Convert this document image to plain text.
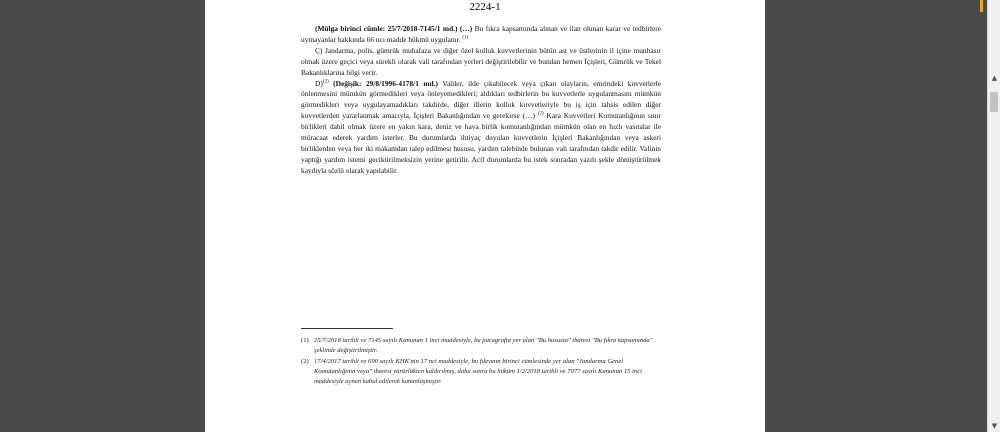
2224-1

(Mülga birinci cümle: 25/7/2018-7145/1 md.) (…) Bu fıkra kapsamında alınan ve ilan olunan karar ve tedbirlere uymayanlar hakkında 66 ncı madde hükmü uygulanır. $^{(1)}$

Ç) Jandarma, polis, gümrük muhafaza ve diğer özel kolluk kuvvetlerinin bütün ast ve üstlerinin il içine munhasır olmak üzere geçici veya sürekli olarak vali tarafından yerleri değiştirilebilir ve bundan hemen İçişleri, Gümrük ve Tekel Bakanlıklarına bilgi verir.

D)$^{(2)}$ (Değişik: 29/8/1996-4178/1 md.) Valiler, ilde çıkabilecek veya çıkan olayların, emrindeki kuvvetlerle önlenmesini mümkün görmedikleri veya önleyemedikleri; aldıkları tedbirlerin bu kuvvetlerle uygulanmasını mümkün görmedikleri veya uygulayamadıkları takdirde, diğer illerin kolluk kuvvetleriyle bu iş için tahsis edilen diğer kuvvetlerden yararlanmak amacıyla, İçişleri Bakanlığından ve gerekirse (…) $^{(2)}$ Kara Kuvvetleri Komutanlığının sınır birlikleri dahil olmak üzere en yakın kara, deniz ve hava birlik komutanlığından mümkün olan en hızlı vasıtalar ile müracaat ederek yardım isterler. Bu durumlarda ihtiyaç duyulan kuvvetlerin İçişleri Bakanlığından veya askeri birliklerden veya her iki makamdan talep edilmesi hususu, yardım talebinde bulunan vali tarafından takdir edilir. Valinin yaptığı yardım istemi geciktirilmeksizin yerine getirilir. Acil durumlarda bu istek sonradan yazılı şekle dönüştürülmek kaydıyla sözlü olarak yapılabilir.

(1) 25/7/2018 tarihli ve 7145 sayılı Kanunun 1 inci maddesiyle, bu paragrafta yer alan "Bu hususta" ibaresi "Bu fıkra kapsamında" şeklinde değiştirilmiştir.
(2) 17/4/2017 tarihli ve 690 sayılı KHK'nin 17 nci maddesiyle, bu fıkranın birinci cümlesinde yer alan "Jandarma Genel Komutanlığının veya" ibaresi yürürlükten kaldırılmış, daha sonra bu hüküm 1/2/2018 tarihli ve 7077 sayılı Kanunun 15 inci maddesiyle aynen kabul edilerek kanunlaşmıştır.
▲
▼
